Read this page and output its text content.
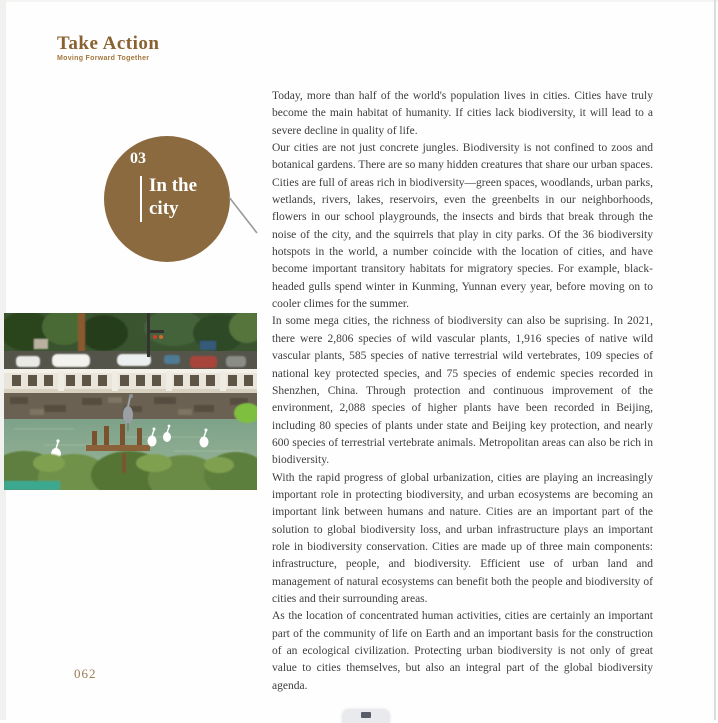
Take Action
Moving Forward Together
03
In the
city

Today, more than half of the world's population lives in cities. Cities have truly become the main habitat of humanity. If cities lack biodiversity, it will lead to a severe decline in quality of life.

Our cities are not just concrete jungles. Biodiversity is not confined to zoos and botanical gardens. There are so many hidden creatures that share our urban spaces. Cities are full of areas rich in biodiversity—green spaces, woodlands, urban parks, wetlands, rivers, lakes, reservoirs, even the greenbelts in our neighborhoods, flowers in our school playgrounds, the insects and birds that break through the noise of the city, and the squirrels that play in city parks. Of the 36 biodiversity hotspots in the world, a number coincide with the location of cities, and have become important transitory habitats for migratory species. For example, black-headed gulls spend winter in Kunming, Yunnan every year, before moving on to cooler climes for the summer.

In some mega cities, the richness of biodiversity can also be suprising. In 2021, there were 2,806 species of wild vascular plants, 1,916 species of native wild vascular plants, 585 species of native terrestrial wild vertebrates, 109 species of national key protected species, and 75 species of endemic species recorded in Shenzhen, China. Through protection and continuous improvement of the environment, 2,088 species of higher plants have been recorded in Beijing, including 80 species of plants under state and Beijing key protection, and nearly 600 species of terrestrial vertebrate animals. Metropolitan areas can also be rich in biodiversity.

With the rapid progress of global urbanization, cities are playing an increasingly important role in protecting biodiversity, and urban ecosystems are becoming an important link between humans and nature. Cities are an important part of the solution to global biodiversity loss, and urban infrastructure plays an important role in biodiversity conservation. Cities are made up of three main components: infrastructure, people, and biodiversity. Efficient use of urban land and management of natural ecosystems can benefit both the people and biodiversity of cities and their surrounding areas.

As the location of concentrated human activities, cities are certainly an important part of the community of life on Earth and an important basis for the construction of an ecological civilization. Protecting urban biodiversity is not only of great value to cities themselves, but also an integral part of the global biodiversity agenda.

062
